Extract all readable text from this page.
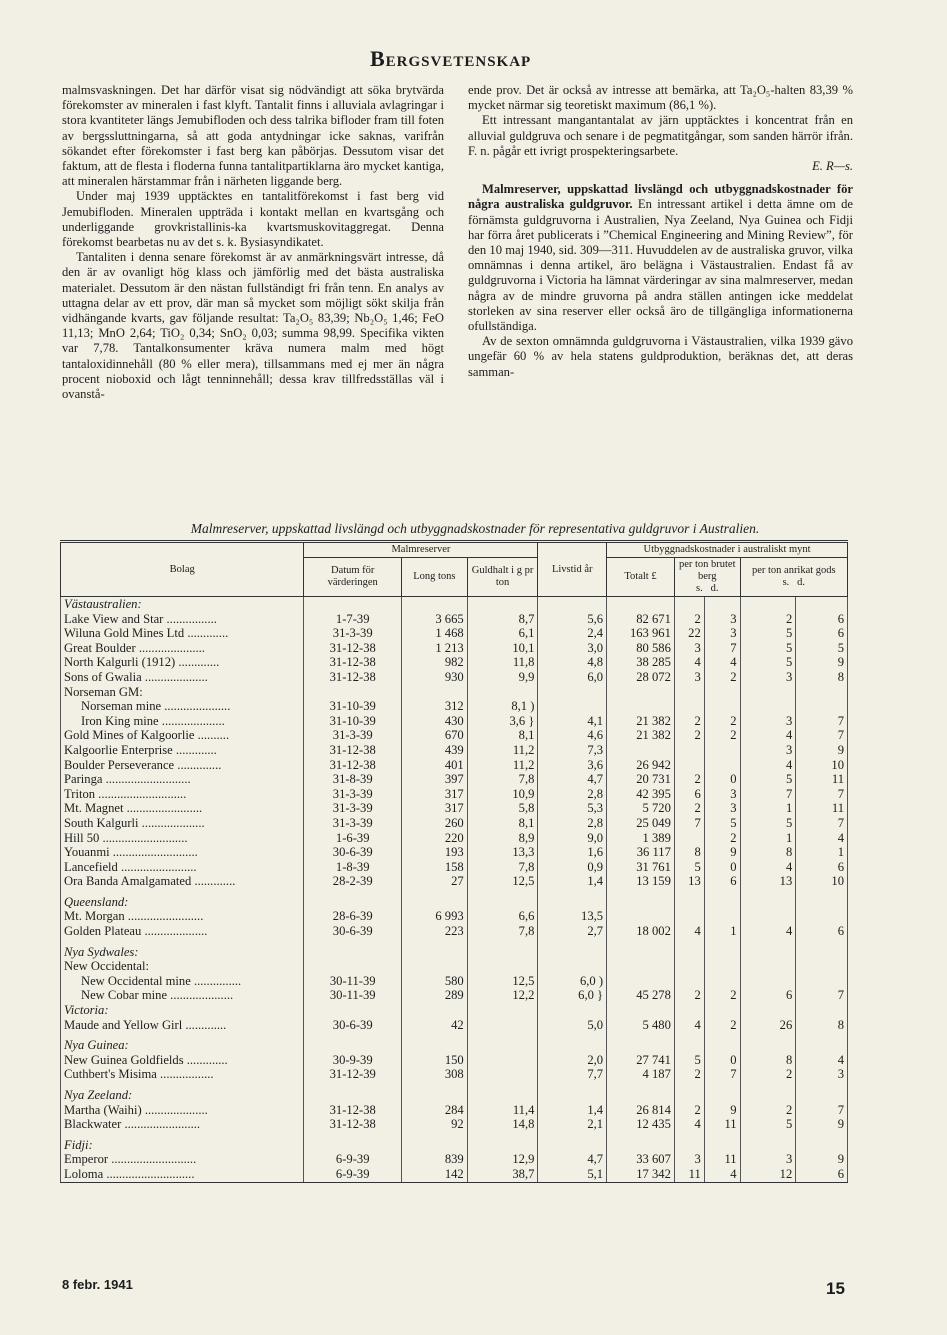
Bergsvetenskap

malmsvaskningen. Det har därför visat sig nödvändigt att söka brytvärda förekomster av mineralen i fast klyft. Tantalit finns i alluviala avlagringar i stora kvantiteter längs Jemubifloden och dess talrika bifloder fram till foten av bergssluttningarna, så att goda antydningar icke saknas, varifrån sökandet efter förekomster i fast berg kan påbörjas. Dessutom visar det faktum, att de flesta i floderna funna tantalitpartiklarna äro mycket kantiga, att mineralen härstammar från i närheten liggande berg.

Under maj 1939 upptäcktes en tantalitförekomst i fast berg vid Jemubifloden. Mineralen uppträda i kontakt mellan en kvartsgång och underliggande grovkristallinis-ka kvartsmuskovitaggregat. Denna förekomst bearbetas nu av det s. k. Bysiasyndikatet.

Tantaliten i denna senare förekomst är av anmärkningsvärt intresse, då den är av ovanligt hög klass och jämförlig med det bästa australiska materialet. Dessutom är den nästan fullständigt fri från tenn. En analys av uttagna delar av ett prov, där man så mycket som möjligt sökt skilja från vidhängande kvarts, gav följande resultat: Ta₂O₅ 83,39; Nb₂O₅ 1,46; FeO 11,13; MnO 2,64; TiO₂ 0,34; SnO₂ 0,03; summa 98,99. Specifika vikten var 7,78. Tantalkonsumenter kräva numera malm med högt tantaloxidinnehåll (80 % eller mera), tillsammans med ej mer än några procent nioboxid och lågt tenninnehåll; dessa krav tillfredsställas väl i ovanstå-

ende prov. Det är också av intresse att bemärka, att Ta₂O₅-halten 83,39 % mycket närmar sig teoretiskt maximum (86,1 %).

Ett intressant mangantantalat av järn upptäcktes i koncentrat från en alluvial guldgruva och senare i de pegmatitgångar, som sanden härrör ifrån. F. n. pågår ett ivrigt prospekteringsarbete.

E. R—s.

Malmreserver, uppskattad livslängd och utbyggnadskostnader för några australiska guldgruvor. En intressant artikel i detta ämne om de förnämsta guldgruvorna i Australien, Nya Zeeland, Nya Guinea och Fidji har förra året publicerats i ”Chemical Engineering and Mining Review”, för den 10 maj 1940, sid. 309—311. Huvuddelen av de australiska gruvor, vilka omnämnas i denna artikel, äro belägna i Västaustralien. Endast få av guldgruvorna i Victoria ha lämnat värderingar av sina malmreserver, medan några av de mindre gruvorna på andra ställen antingen icke meddelat storleken av sina reserver eller också äro de tillgängliga informationerna ofullständiga.

Av de sexton omnämnda guldgruvorna i Västaustralien, vilka 1939 gävo ungefär 60 % av hela statens guldproduktion, beräknas det, att deras samman-

Malmreserver, uppskattad livslängd och utbyggnadskostnader för representativa guldgruvor i Australien.
Bolag	Malmreserver			Livstid år	Utbyggnadskostnader i australiskt mynt				
	Datum för värderingen	Long tons	Guldhalt i g pr ton		Totalt £	per ton brutet berg
s. d.		per ton anrikat gods
s. d.	
Västaustralien:									
Lake View and Star ................	1-7-39	3 665	8,7	5,6	82 671	2	3	2	6
Wiluna Gold Mines Ltd .............	31-3-39	1 468	6,1	2,4	163 961	22	3	5	6
Great Boulder .....................	31-12-38	1 213	10,1	3,0	80 586	3	7	5	5
North Kalgurli (1912) .............	31-12-38	982	11,8	4,8	38 285	4	4	5	9
Sons of Gwalia ....................	31-12-38	930	9,9	6,0	28 072	3	2	3	8
Norseman GM:									
Norseman mine .....................	31-10-39	312	8,1 )						
Iron King mine ....................	31-10-39	430	3,6 }	4,1	21 382	2	2	3	7
Gold Mines of Kalgoorlie ..........	31-3-39	670	8,1	4,6	21 382	2	2	4	7
Kalgoorlie Enterprise .............	31-12-38	439	11,2	7,3				3	9
Boulder Perseverance ..............	31-12-38	401	11,2	3,6	26 942			4	10
Paringa ...........................	31-8-39	397	7,8	4,7	20 731	2	0	5	11
Triton ............................	31-3-39	317	10,9	2,8	42 395	6	3	7	7
Mt. Magnet ........................	31-3-39	317	5,8	5,3	5 720	2	3	1	11
South Kalgurli ....................	31-3-39	260	8,1	2,8	25 049	7	5	5	7
Hill 50 ...........................	1-6-39	220	8,9	9,0	1 389		2	1	4
Youanmi ...........................	30-6-39	193	13,3	1,6	36 117	8	9	8	1
Lancefield ........................	1-8-39	158	7,8	0,9	31 761	5	0	4	6
Ora Banda Amalgamated .............	28-2-39	27	12,5	1,4	13 159	13	6	13	10

Queensland:									
Mt. Morgan ........................	28-6-39	6 993	6,6	13,5					
Golden Plateau ....................	30-6-39	223	7,8	2,7	18 002	4	1	4	6

Nya Sydwales:									
New Occidental:									
New Occidental mine ...............	30-11-39	580	12,5	6,0 )					
New Cobar mine ....................	30-11-39	289	12,2	6,0 }	45 278	2	2	6	7
Victoria:									
Maude and Yellow Girl .............	30-6-39	42		5,0	5 480	4	2	26	8

Nya Guinea:									
New Guinea Goldfields .............	30-9-39	150		2,0	27 741	5	0	8	4
Cuthbert's Misima .................	31-12-39	308		7,7	4 187	2	7	2	3

Nya Zeeland:									
Martha (Waihi) ....................	31-12-38	284	11,4	1,4	26 814	2	9	2	7
Blackwater ........................	31-12-38	92	14,8	2,1	12 435	4	11	5	9

Fidji:									
Emperor ...........................	6-9-39	839	12,9	4,7	33 607	3	11	3	9
Loloma ............................	6-9-39	142	38,7	5,1	17 342	11	4	12	6
8 febr. 1941	15
